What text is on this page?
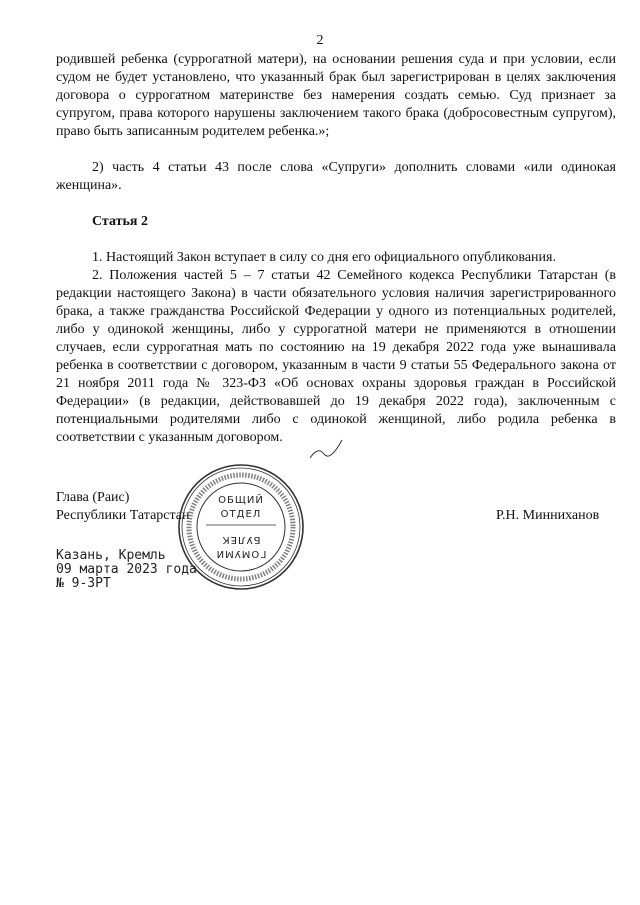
2

родившей ребенка (суррогатной матери), на основании решения суда и при условии, если судом не будет установлено, что указанный брак был зарегистрирован в целях заключения договора о суррогатном материнстве без намерения создать семью. Суд признает за супругом, права которого нарушены заключением такого брака (добросовестным супругом), право быть записанным родителем ребенка.»;

2) часть 4 статьи 43 после слова «Супруги» дополнить словами «или одинокая женщина».

Статья 2

1. Настоящий Закон вступает в силу со дня его официального опубликования.

2. Положения частей 5 – 7 статьи 42 Семейного кодекса Республики Татарстан (в редакции настоящего Закона) в части обязательного условия наличия зарегистрированного брака, а также гражданства Российской Федерации у одного из потенциальных родителей, либо у одинокой женщины, либо у суррогатной матери не применяются в отношении случаев, если суррогатная мать по состоянию на 19 декабря 2022 года уже вынашивала ребенка в соответствии с договором, указанным в части 9 статьи 55 Федерального закона от 21 ноября 2011 года № 323-ФЗ «Об основах охраны здоровья граждан в Российской Федерации» (в редакции, действовавшей до 19 декабря 2022 года), заключенным с потенциальными родителями либо с одинокой женщиной, либо родила ребенка в соответствии с указанным договором.

Глава (Раис)
Республики Татарстан
ОБЩИЙ
ОТДЕЛ
БУЛЕК
ГОМУМИ
Р.Н. Минниханов
Казань, Кремль
09 марта 2023 года
№ 9-ЗРТ
